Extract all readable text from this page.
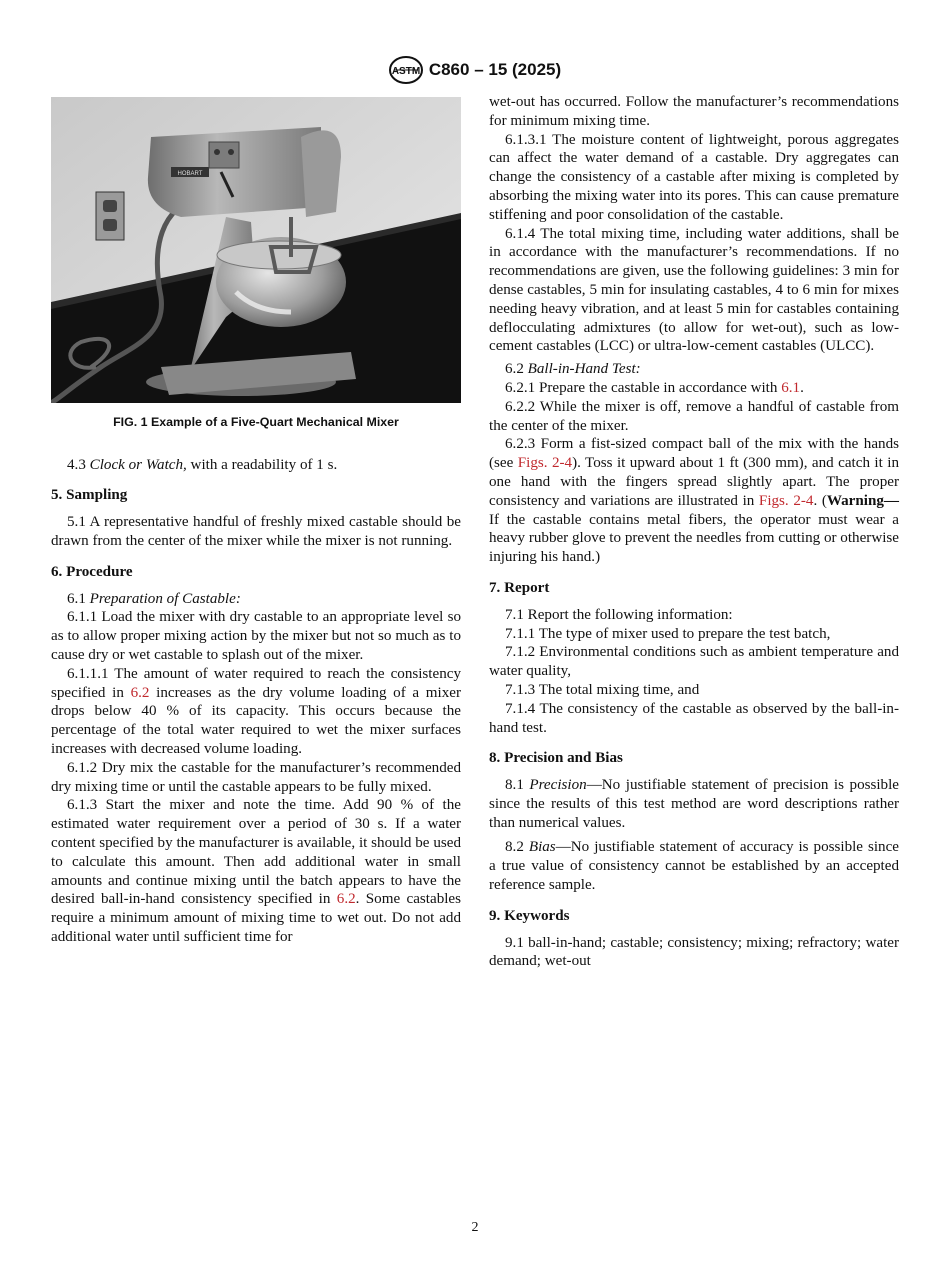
ASTM C860 – 15 (2025)
HOBART
FIG. 1 Example of a Five-Quart Mechanical Mixer

4.3 Clock or Watch, with a readability of 1 s.

5. Sampling

5.1 A representative handful of freshly mixed castable should be drawn from the center of the mixer while the mixer is not running.

6. Procedure

6.1 Preparation of Castable:

6.1.1 Load the mixer with dry castable to an appropriate level so as to allow proper mixing action by the mixer but not so much as to cause dry or wet castable to splash out of the mixer.

6.1.1.1 The amount of water required to reach the consistency specified in 6.2 increases as the dry volume loading of a mixer drops below 40 % of its capacity. This occurs because the percentage of the total water required to wet the mixer surfaces increases with decreased volume loading.

6.1.2 Dry mix the castable for the manufacturer’s recommended dry mixing time or until the castable appears to be fully mixed.

6.1.3 Start the mixer and note the time. Add 90 % of the estimated water requirement over a period of 30 s. If a water content specified by the manufacturer is available, it should be used to calculate this amount. Then add additional water in small amounts and continue mixing until the batch appears to have the desired ball-in-hand consistency specified in 6.2. Some castables require a minimum amount of mixing time to wet out. Do not add additional water until sufficient time for

wet-out has occurred. Follow the manufacturer’s recommendations for minimum mixing time.

6.1.3.1 The moisture content of lightweight, porous aggregates can affect the water demand of a castable. Dry aggregates can change the consistency of a castable after mixing is completed by absorbing the mixing water into its pores. This can cause premature stiffening and poor consolidation of the castable.

6.1.4 The total mixing time, including water additions, shall be in accordance with the manufacturer’s recommendations. If no recommendations are given, use the following guidelines: 3 min for dense castables, 5 min for insulating castables, 4 to 6 min for mixes needing heavy vibration, and at least 5 min for castables containing deflocculating admixtures (to allow for wet-out), such as low-cement castables (LCC) or ultra-low-cement castables (ULCC).

6.2 Ball-in-Hand Test:

6.2.1 Prepare the castable in accordance with 6.1.

6.2.2 While the mixer is off, remove a handful of castable from the center of the mixer.

6.2.3 Form a fist-sized compact ball of the mix with the hands (see Figs. 2-4). Toss it upward about 1 ft (300 mm), and catch it in one hand with the fingers spread slightly apart. The proper consistency and variations are illustrated in Figs. 2-4. (Warning—If the castable contains metal fibers, the operator must wear a heavy rubber glove to prevent the needles from cutting or otherwise injuring his hand.)

7. Report

7.1 Report the following information:

7.1.1 The type of mixer used to prepare the test batch,

7.1.2 Environmental conditions such as ambient temperature and water quality,

7.1.3 The total mixing time, and

7.1.4 The consistency of the castable as observed by the ball-in-hand test.

8. Precision and Bias

8.1 Precision—No justifiable statement of precision is possible since the results of this test method are word descriptions rather than numerical values.

8.2 Bias—No justifiable statement of accuracy is possible since a true value of consistency cannot be established by an accepted reference sample.

9. Keywords

9.1 ball-in-hand; castable; consistency; mixing; refractory; water demand; wet-out

2
